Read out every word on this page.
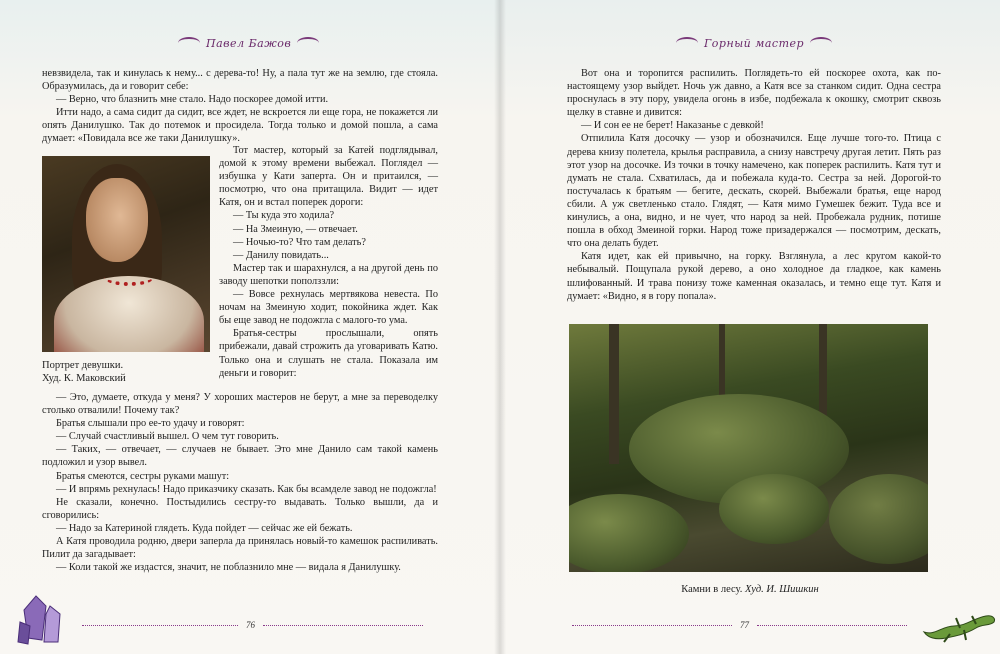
Павел Бажов

невзвидела, так и кинулась к нему... с дерева-то! Ну, а пала тут же на землю, где стояла. Образумилась, да и говорит себе:

— Верно, что блазнить мне стало. Надо поскорее домой итти.

Итти надо, а сама сидит да сидит, все ждет, не вскроется ли еще гора, не покажется ли опять Данилушко. Так до потемок и просидела. Тогда только и домой пошла, а сама думает: «Повидала все же таки Данилушку».

Тот мастер, который за Катей подглядывал, домой к этому времени выбежал. Поглядел — избушка у Кати заперта. Он и притаился, — посмотрю, что она притащила. Видит — идет Катя, он и встал поперек дороги:

— Ты куда это ходила?

— На Змеиную, — отвечает.

— Ночью-то? Что там делать?

— Данилу повидать...

Мастер так и шарахнулся, а на другой день по заводу шепотки пополззли:

— Вовсе рехнулась мертвякова невеста. По ночам на Змеиную ходит, покойника ждет. Как бы еще завод не подожгла с малого-то ума.

Братья-сестры прослышали, опять прибежали, давай строжить да уговаривать Катю. Только она и слушать не стала. Показала им деньги и говорит:

Портрет девушки.
Худ. К. Маковский

— Это, думаете, откуда у меня? У хороших мастеров не берут, а мне за переводелку столько отвалили! Почему так?

Братья слышали про ее-то удачу и говорят:

— Случай счастливый вышел. О чем тут говорить.

— Таких, — отвечает, — случаев не бывает. Это мне Данило сам такой камень подложил и узор вывел.

Братья смеются, сестры руками машут:

— И впрямь рехнулась! Надо приказчику сказать. Как бы всамделе завод не подожгла!

Не сказали, конечно. Постыдились сестру-то выдавать. Только вышли, да и сговорились:

— Надо за Катериной глядеть. Куда пойдет — сейчас же ей бежать.

А Катя проводила родню, двери заперла да принялась новый-то камешок распиливать. Пилит да загадывает:

— Коли такой же издастся, значит, не поблазнило мне — видала я Данилушку.

76
Горный мастер

Вот она и торопится распилить. Поглядеть-то ей поскорее охота, как по-настоящему узор выйдет. Ночь уж давно, а Катя все за станком сидит. Одна сестра проснулась в эту пору, увидела огонь в избе, подбежала к окошку, смотрит сквозь щелку в ставне и дивится:

— И сон ее не берет! Наказанье с девкой!

Отпилила Катя досочку — узор и обозначился. Еще лучше того-то. Птица с дерева книзу полетела, крылья расправила, а снизу навстречу другая летит. Пять раз этот узор на досочке. Из точки в точку намечено, как поперек распилить. Катя тут и думать не стала. Схватилась, да и побежала куда-то. Сестра за ней. Дорогой-то постучалась к братьям — бегите, дескать, скорей. Выбежали братья, еще народ сбили. А уж светленько стало. Глядят, — Катя мимо Гумешек бежит. Туда все и кинулись, а она, видно, и не чует, что народ за ней. Пробежала рудник, потише пошла в обход Змеиной горки. Народ тоже призадержался — посмотрим, дескать, что она делать будет.

Катя идет, как ей привычно, на горку. Взглянула, а лес кругом какой-то небывалый. Пощупала рукой дерево, а оно холодное да гладкое, как камень шлифованный. И трава понизу тоже каменная оказалась, и темно еще тут. Катя и думает: «Видно, я в гору попала».

Камни в лесу. Худ. И. Шишкин
77
